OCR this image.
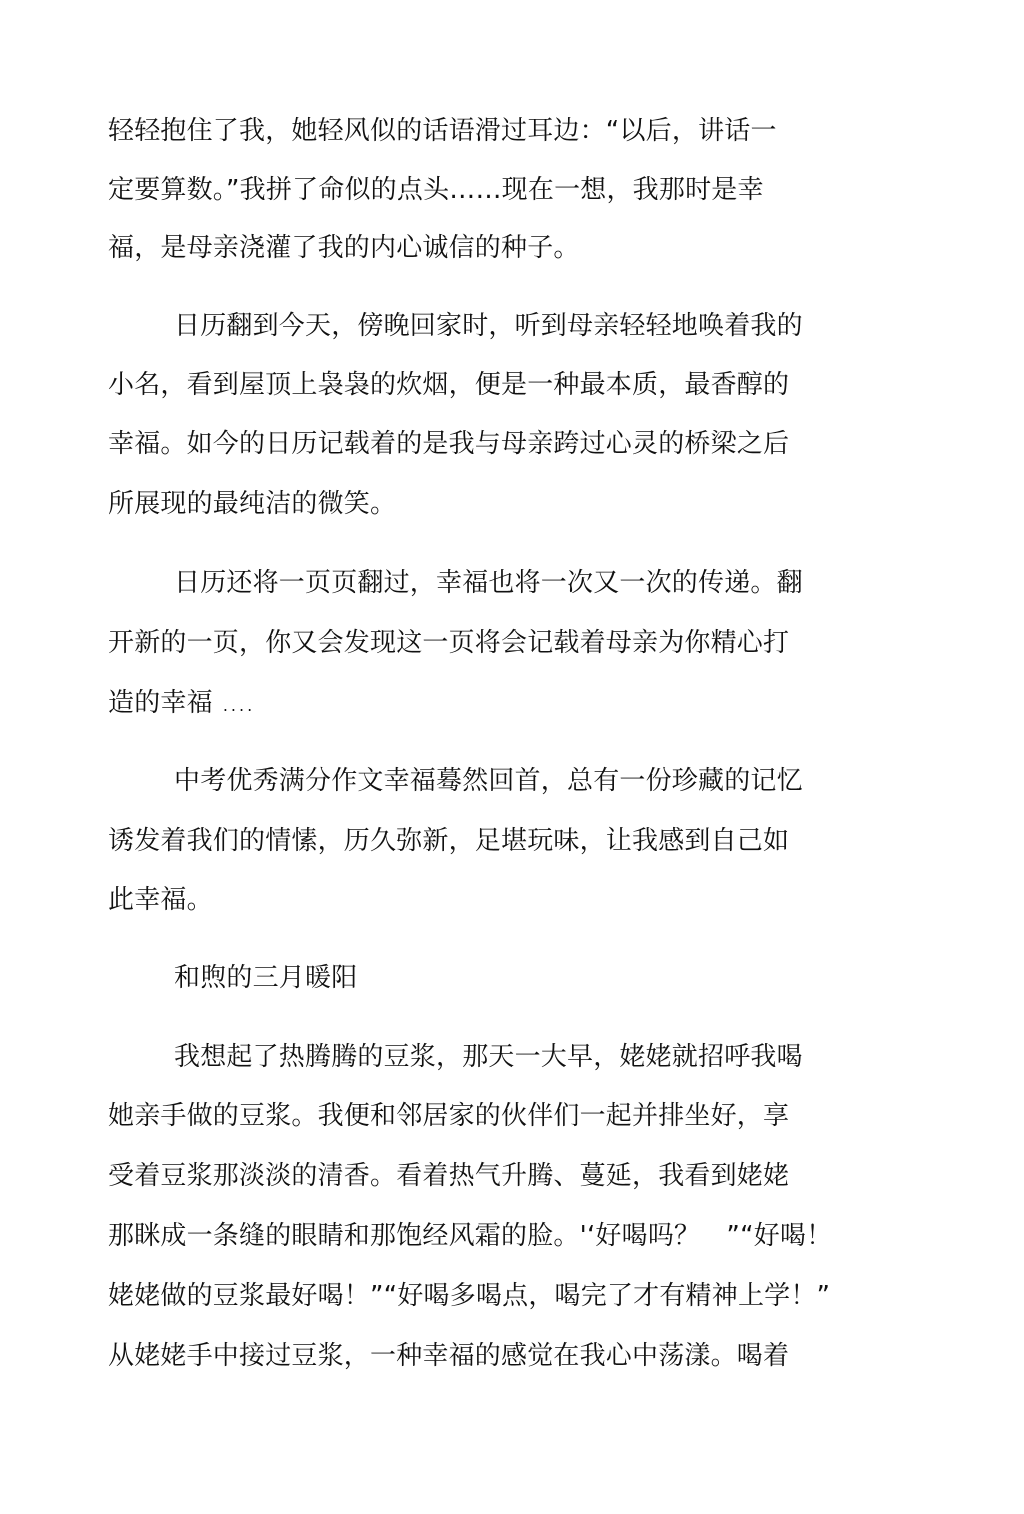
轻轻抱住了我，她轻风似的话语滑过耳边：“以后，讲话一
定要算数。”我拼了命似的点头……现在一想，我那时是幸
福，是母亲浇灌了我的内心诚信的种子。
日历翻到今天，傍晚回家时，听到母亲轻轻地唤着我的
小名，看到屋顶上袅袅的炊烟，便是一种最本质，最香醇的
幸福。如今的日历记载着的是我与母亲跨过心灵的桥梁之后
所展现的最纯洁的微笑。
日历还将一页页翻过，幸福也将一次又一次的传递。翻
开新的一页，你又会发现这一页将会记载着母亲为你精心打
造的幸福 ....
中考优秀满分作文幸福蓦然回首，总有一份珍藏的记忆
诱发着我们的情愫，历久弥新，足堪玩味，让我感到自己如
此幸福。
和煦的三月暖阳
我想起了热腾腾的豆浆，那天一大早，姥姥就招呼我喝
她亲手做的豆浆。我便和邻居家的伙伴们一起并排坐好，享
受着豆浆那淡淡的清香。看着热气升腾、蔓延，我看到姥姥
那眯成一条缝的眼睛和那饱经风霜的脸。'‘好喝吗？　”“好喝！
姥姥做的豆浆最好喝！”“好喝多喝点，喝完了才有精神上学！”
从姥姥手中接过豆浆，一种幸福的感觉在我心中荡漾。喝着
